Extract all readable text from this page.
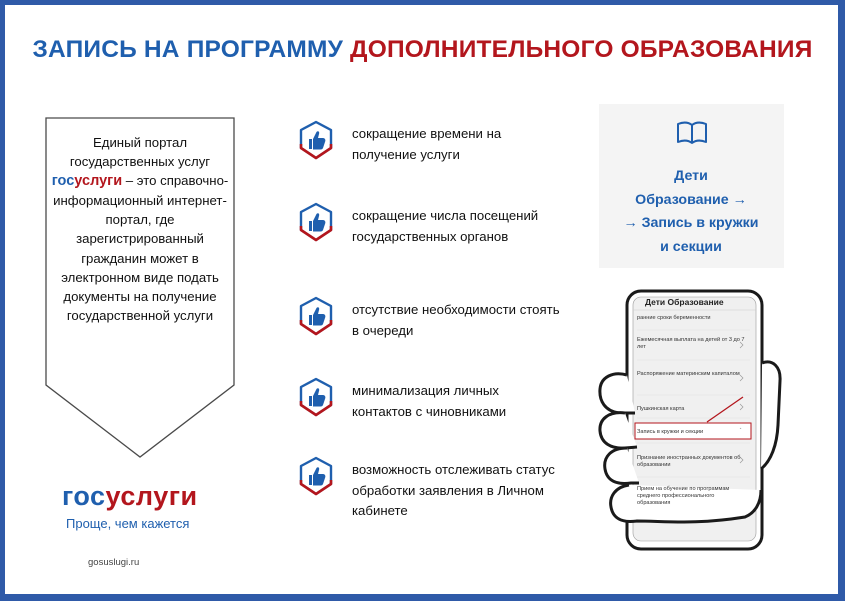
ЗАПИСЬ НА ПРОГРАММУ ДОПОЛНИТЕЛЬНОГО ОБРАЗОВАНИЯ
Единый портал государственных услуг госуслуги – это справочно-информационный интернет-портал, где зарегистрированный гражданин может в электронном виде подать документы на получение государственной услуги
госуслуги
Проще, чем кажется
gosuslugi.ru
сокращение времени на получение услуги
сокращение числа посещений государственных органов
отсутствие необходимости стоять в очереди
минимализация личных контактов с чиновниками
возможность отслеживать статус обработки заявления в Личном кабинете
Дети
Образование →
→ Запись в кружки
и секции
Дети Образование
ранние сроки беременности
Ежемесячная выплата на детей от 3 до 7 лет
Распоряжение материнским капиталом
Пушкинская карта
Запись в кружки и секции
Признание иностранных документов об образовании
Прием на обучение по программам среднего профессионального образования
